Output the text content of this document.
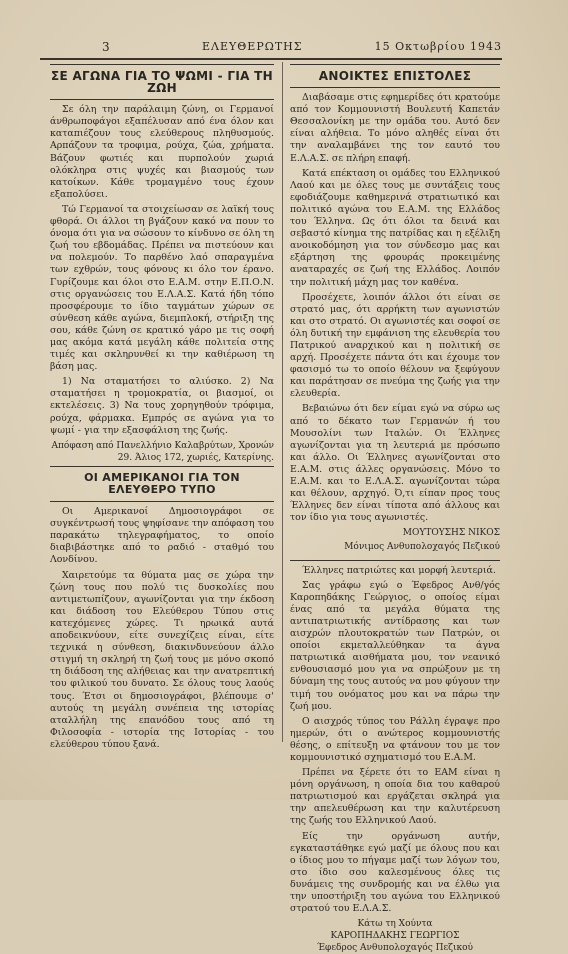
3	ΕΛΕΥΘΕΡΩΤΗΣ	15 Οκτωβρίου 1943
ΣΕ ΑΓΩΝΑ ΓΙΑ ΤΟ ΨΩΜΙ - ΓΙΑ ΤΗ ΖΩΗ

Σε όλη την παράλαιμη ζώνη, οι Γερμανοί άνθρωποφάγοι εξαπέλυσαν από ένα όλον και καταπιέζουν τους ελεύθερους πληθυσμούς. Αρπάζουν τα τροφιμα, ρούχα, ζώα, χρήματα. Βάζουν φωτιές και πυρπολούν χωριά ολόκληρα στις ψυχές και βιασμούς των κατοίκων. Κάθε τρομαγμένο τους έχουν εξαπολύσει.

Τώ Γερμανοί τα στοιχείωσαν σε λαϊκή τους φθορά. Οι άλλοι τη βγάζουν κακό να πουν το όνομα ότι για να σώσουν το κίνδυνο σε όλη τη ζωή του εβδομάδας. Πρέπει να πιστεύουν και να πολεμούν. Το παρθένο λαό σπαραγμένα των εχθρών, τους φόνους κι όλο τον έρανο. Γυρίζουμε και όλοι στο Ε.Α.Μ. στην Ε.Π.Ο.Ν. στις οργανώσεις του Ε.Λ.Α.Σ. Κατά ήδη τόπο προσφέρουμε το ίδιο ταγμάτων χώρων σε σύνθεση κάθε αγώνα, διεμπλοκή, στήριξη της σου, κάθε ζώνη σε κρατικό γάρο με τις σοφή μας ακόμα κατά μεγάλη κάθε πολιτεία στης τιμές και σκληρυνθεί κι την καθιέρωση τη βάση μας.

1) Να σταματήσει το αλιύσκο. 2) Να σταματήσει η τρομοκρατία, οι βιασμοί, οι εκτελέσεις. 3) Να τους χορηγηθούν τρόφιμα, ρούχα, φάρμακα. Εμπρός σε αγώνα για το ψωμί - για την εξασφάλιση της ζωής.

Απόφαση από Πανελλήνιο Καλαβρύτων, Χρονών 29. Άλιος 172, χωριές, Κατερίνης.

ΟΙ ΑΜΕΡΙΚΑΝΟΙ ΓΙΑ ΤΟΝ ΕΛΕΥΘΕΡΟ ΤΥΠΟ

Οι Αμερικανοί Δημοσιογράφοι σε συγκέντρωσή τους ψηφίσανε την απόφαση του παρακάτω τηλεγραφήματος, το οποίο διαβιβάστηκε από το ραδιό - σταθμό του Λονδίνου.

Χαιρετούμε τα θύματα μας σε χώρα την ζώνη τους που πολύ τις δυσκολίες που αντιμετωπίζουν, αγωνίζονται για την έκδοση και διάδοση του Ελεύθερου Τύπου στις κατεχόμενες χώρες. Τι ηρωικά αυτά αποδεικνύουν, είτε συνεχίζεις είναι, είτε τεχνικά η σύνθεση, διακινδυνεύουν άλλο στιγμή τη σκληρή τη ζωή τους με μόνο σκοπό τη διάδοση της αλήθειας και την ανατρεπτική του φιλικού του δυνατο. Σε όλους τους λαούς τους. Έτσι οι δημοσιογράφοι, βλέπουμε σ' αυτούς τη μεγάλη συνέπεια της ιστορίας αταλλήλη της επανόδου τους από τη Φιλοσοφία - ιστορία της Ιστορίας - του ελεύθερου τύπου ξανά.

ΑΝΟΙΚΤΕΣ ΕΠΙΣΤΟΛΕΣ

Διαβάσαμε στις εφημερίδες ότι κρατούμε από τον Κομμουνιστή Βουλευτή Καπετάν Θεσσαλονίκη με την ομάδα του. Αυτό δεν είναι αλήθεια. Το μόνο αληθές είναι ότι την αναλαμβάνει της τον εαυτό του Ε.Λ.Α.Σ. σε πλήρη επαφή.

Κατά επέκταση οι ομάδες του Ελληνικού Λαού και με όλες τους με συντάξεις τους εφοδιάζουμε καθημερινά στρατιωτικό και πολιτικό αγώνα του Ε.Α.Μ. της Ελλάδος του Έλληνα. Ως ότι όλοι τα δεινά και σεβαστό κίνημα της πατρίδας και η εξέλιξη ανοικοδόμηση για τον σύνδεσμο μας και εξάρτηση της φρουράς προκειμένης αναταραχές σε ζωή της Ελλάδος. Λοιπόν την πολιτική μάχη μας τον καθένα.

Προσέχετε, λοιπόν άλλοι ότι είναι σε στρατό μας, ότι αρρήκτη των αγωνιστών και στο στρατό. Οι αγωνιστές και σοφοί σε όλη δυτική την εμφάνιση της ελευθερία του Πατρικού αναρχικού και η πολιτική σε αρχή. Προσέχετε πάντα ότι και έχουμε τον φασισμό τω το οποίο θέλουν να ξεφύγουν και παράτησαν σε πνεύμα της ζωής για την ελευθερία.

Βεβαιώνω ότι δεν είμαι εγώ να σύρω ως από το δέκατο των Γερμανών ή του Μουσολίνι των Ιταλών. Οι Έλληνες αγωνίζονται για τη λευτεριά με πρόσωπο και άλλο. Οι Έλληνες αγωνίζονται στο Ε.Α.Μ. στις άλλες οργανώσεις. Μόνο το Ε.Α.Μ. και το Ε.Λ.Α.Σ. αγωνίζονται τώρα και θέλουν, αρχηγό. Ό,τι είπαν προς τους Έλληνες δεν είναι τίποτα από άλλους και τον ίδιο για τους αγωνιστές.

ΜΟΥΤΟΥΣΗΣ ΝΙΚΟΣ

Μόνιμος Ανθυπολοχαγός Πεζικού

Έλληνες πατριώτες και μορφή λευτεριά.

Σας γράφω εγώ ο Έφεδρος Ανθ/γός Καροπηδάκης Γεώργιος, ο οποίος είμαι ένας από τα μεγάλα θύματα της αντιπατριωτικής αντίδρασης και των αισχρών πλουτοκρατών των Πατρών, οι οποίοι εκμεταλλεύθηκαν τα άγνα πατριωτικά αισθήματα μου, τον νεανικό ενθουσιασμό μου για να σπρώξουν με τη δύναμη της τους αυτούς να μου φύγουν την τιμή του ονόματος μου και να πάρω την ζωή μου.

Ο αισχρός τύπος του Ράλλη έγραψε προ ημερών, ότι ο ανώτερος κομμουνιστής θέσης, ο επίτευξη να φτάνουν του με τον κομμουνιστικό σχηματισμό του Ε.Α.Μ.

Πρέπει να ξέρετε ότι το ΕΑΜ είναι η μόνη οργάνωση, η οποία δια του καθαρού πατριωτισμού και εργάζεται σκληρά για την απελευθέρωση και την καλυτέρευση της ζωής του Ελληνικού Λαού.

Είς την οργάνωση αυτήν, εγκαταστάθηκε εγώ μαζί με όλους που και ο ίδιος μου το πήγαμε μαζί των λόγων του, στο ίδιο σου καλεσμένους όλες τις δυνάμεις της συνδρομής και να έλθω για την υποστήριξη του αγώνα του Ελληνικού στρατού του Ε.Λ.Α.Σ.

Κάτω τη Χούντα

ΚΑΡΟΠΗΔΑΚΗΣ ΓΕΩΡΓΙΟΣ

Έφεδρος Ανθυπολοχαγός Πεζικού
